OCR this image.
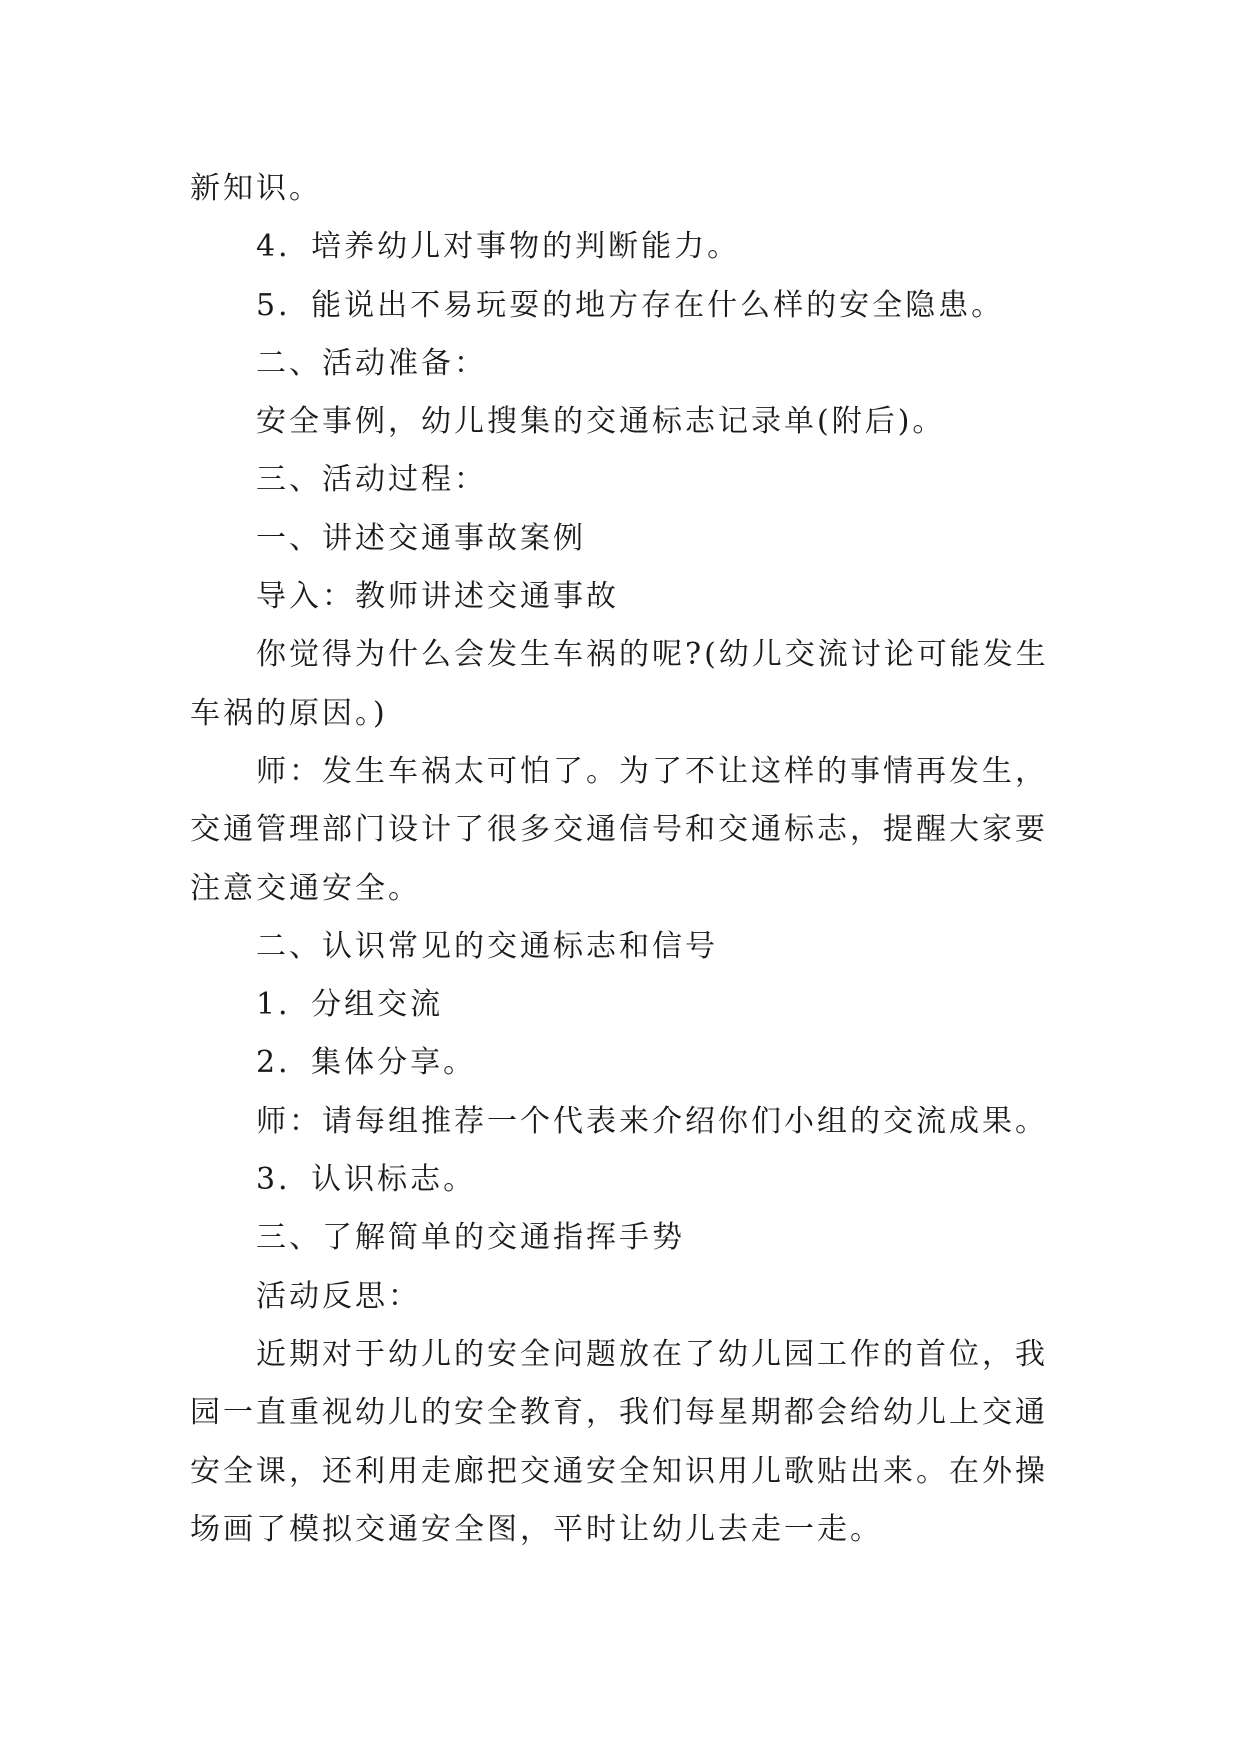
新知识。

4．培养幼儿对事物的判断能力。

5．能说出不易玩耍的地方存在什么样的安全隐患。

二、活动准备：

安全事例，幼儿搜集的交通标志记录单(附后)。

三、活动过程：

一、讲述交通事故案例

导入：教师讲述交通事故

你觉得为什么会发生车祸的呢?(幼儿交流讨论可能发生车祸的原因。)

师：发生车祸太可怕了。为了不让这样的事情再发生，交通管理部门设计了很多交通信号和交通标志，提醒大家要注意交通安全。

二、认识常见的交通标志和信号

1．分组交流

2．集体分享。

师：请每组推荐一个代表来介绍你们小组的交流成果。

3．认识标志。

三、了解简单的交通指挥手势

活动反思：

近期对于幼儿的安全问题放在了幼儿园工作的首位，我园一直重视幼儿的安全教育，我们每星期都会给幼儿上交通安全课，还利用走廊把交通安全知识用儿歌贴出来。在外操场画了模拟交通安全图，平时让幼儿去走一走。
